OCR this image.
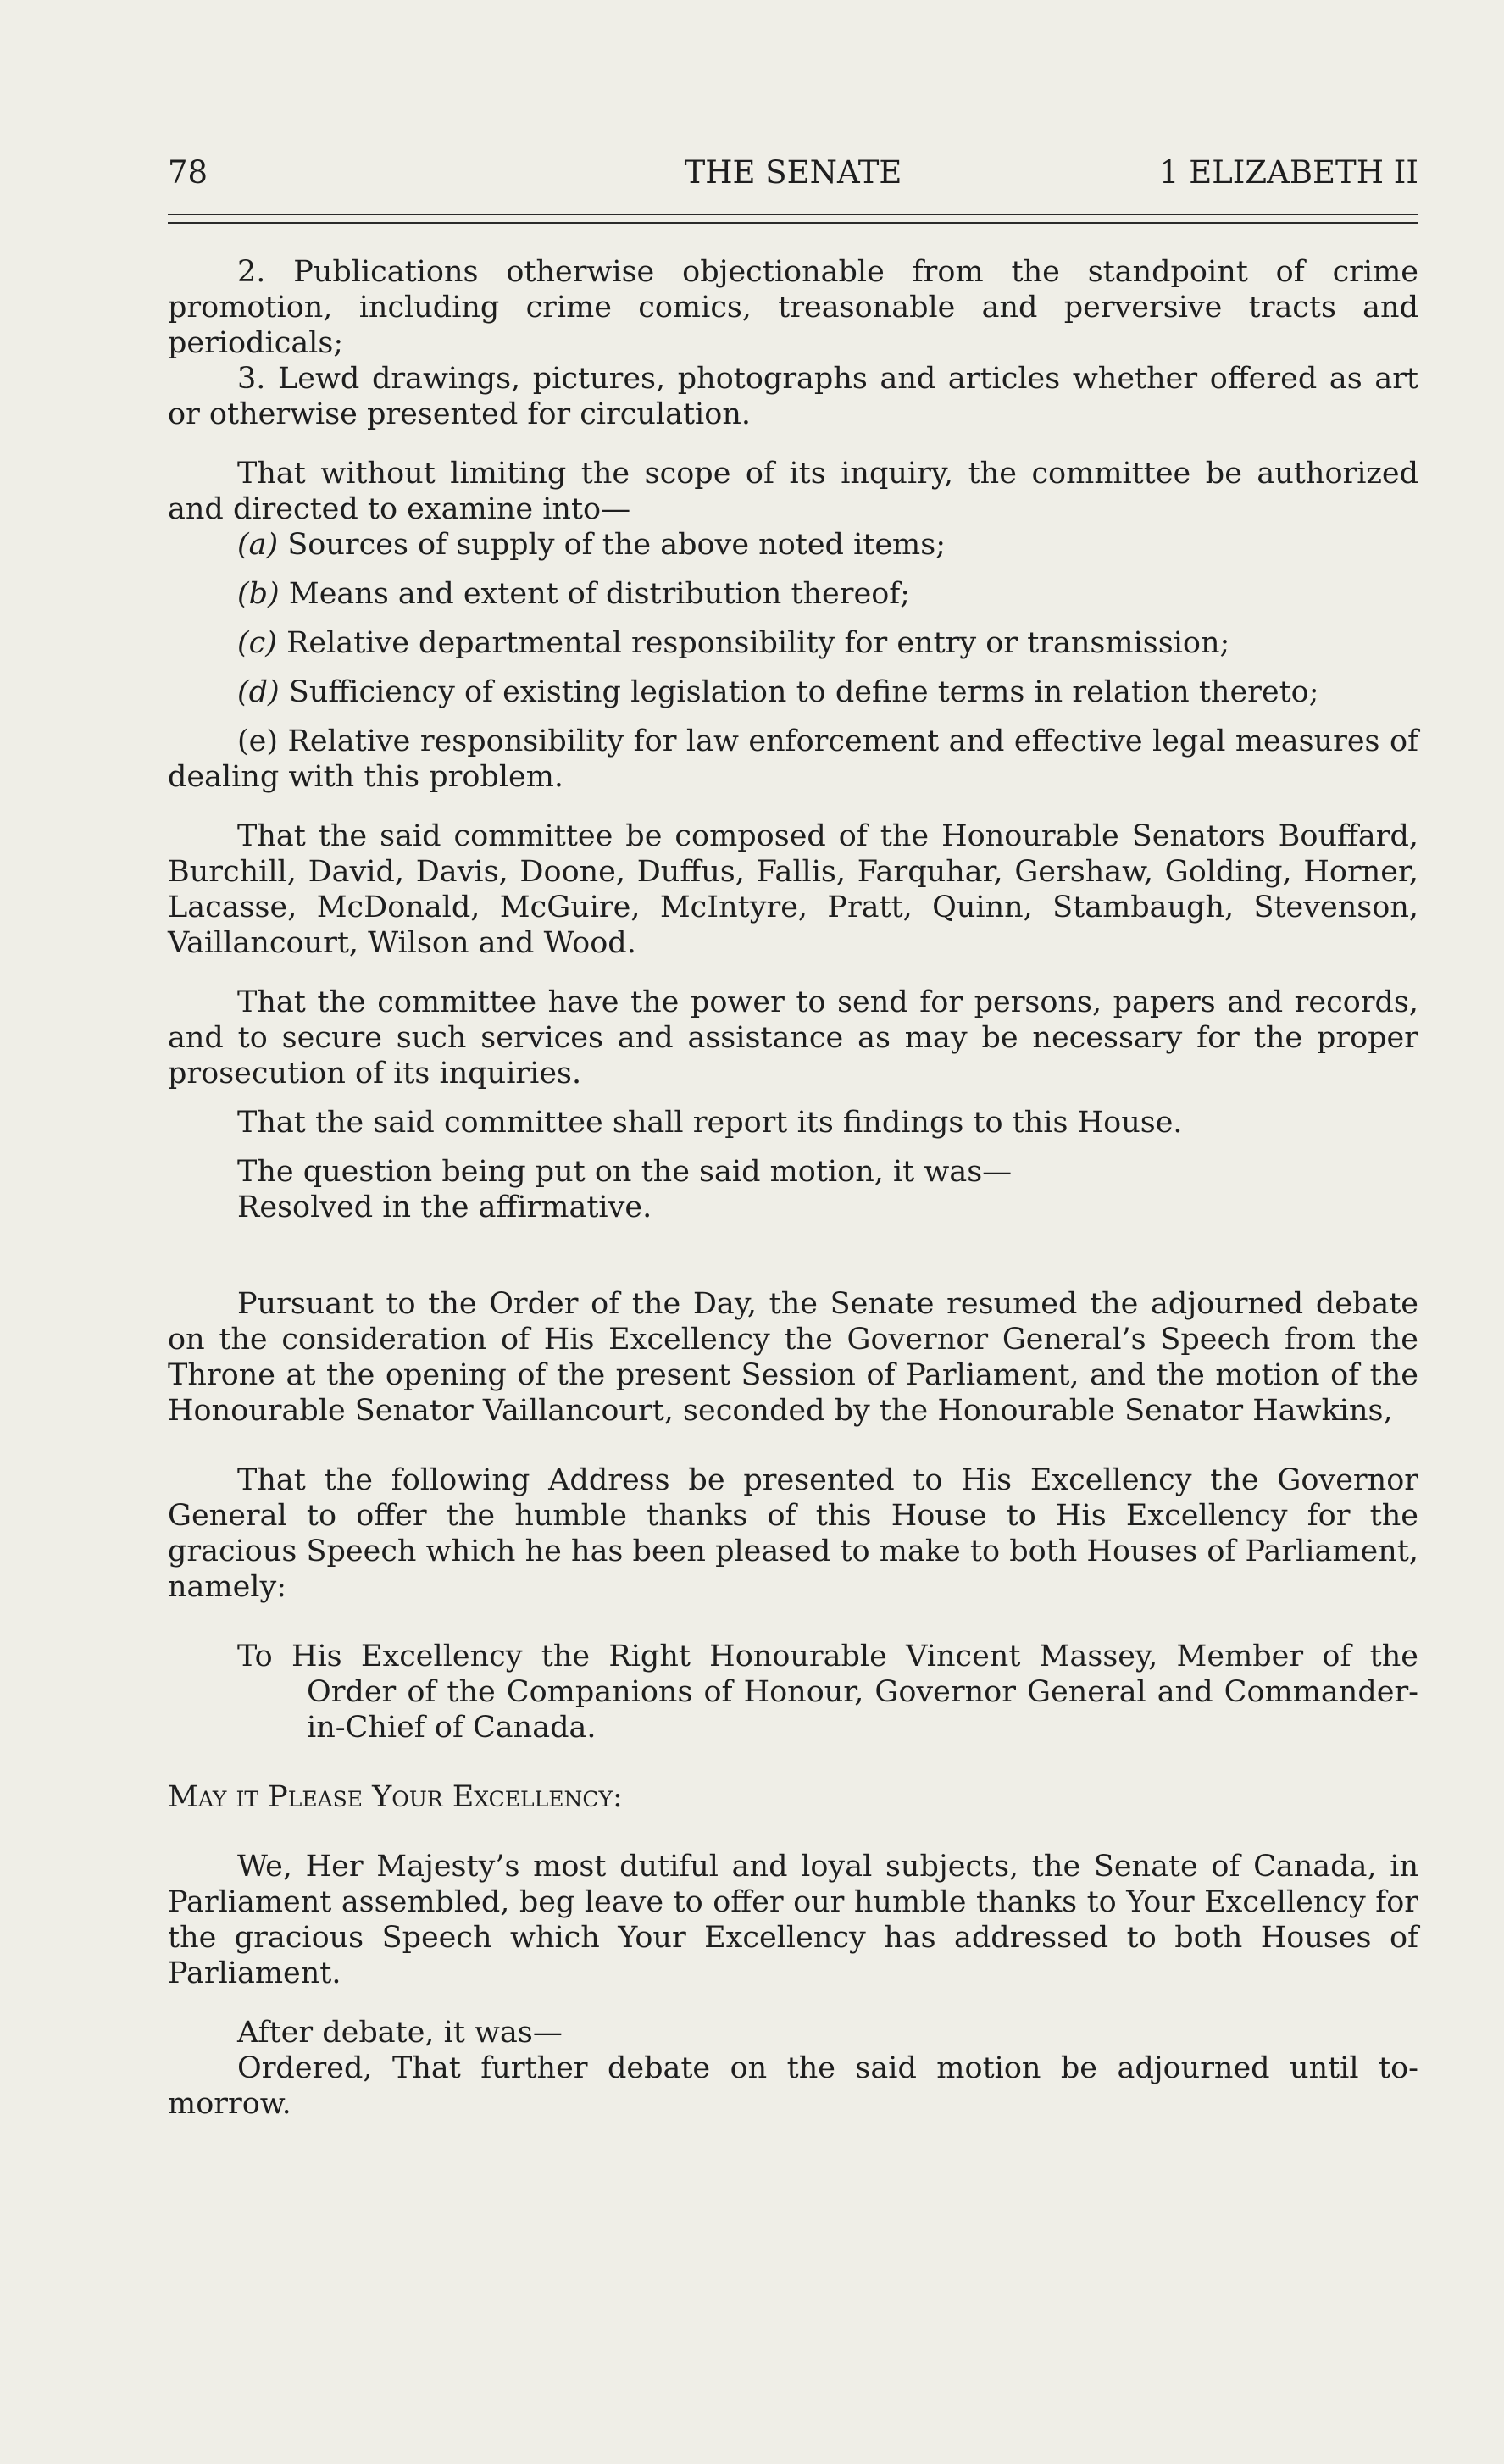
78	THE SENATE	1 ELIZABETH II

2. Publications otherwise objectionable from the standpoint of crime promotion, including crime comics, treasonable and perversive tracts and periodicals;

3. Lewd drawings, pictures, photographs and articles whether offered as art or otherwise presented for circulation.

That without limiting the scope of its inquiry, the committee be authorized and directed to examine into—

(a) Sources of supply of the above noted items;

(b) Means and extent of distribution thereof;

(c) Relative departmental responsibility for entry or transmission;

(d) Sufficiency of existing legislation to define terms in relation thereto;

(e) Relative responsibility for law enforcement and effective legal measures of dealing with this problem.

That the said committee be composed of the Honourable Senators Bouffard, Burchill, David, Davis, Doone, Duffus, Fallis, Farquhar, Gershaw, Golding, Horner, Lacasse, McDonald, McGuire, McIntyre, Pratt, Quinn, Stambaugh, Stevenson, Vaillancourt, Wilson and Wood.

That the committee have the power to send for persons, papers and records, and to secure such services and assistance as may be necessary for the proper prosecution of its inquiries.

That the said committee shall report its findings to this House.

The question being put on the said motion, it was—

Resolved in the affirmative.

Pursuant to the Order of the Day, the Senate resumed the adjourned debate on the consideration of His Excellency the Governor General’s Speech from the Throne at the opening of the present Session of Parliament, and the motion of the Honourable Senator Vaillancourt, seconded by the Honourable Senator Hawkins,

That the following Address be presented to His Excellency the Governor General to offer the humble thanks of this House to His Excellency for the gracious Speech which he has been pleased to make to both Houses of Parliament, namely:

To His Excellency the Right Honourable Vincent Massey, Member of the Order of the Companions of Honour, Governor General and Commander-in-Chief of Canada.

May it Please Your Excellency:

We, Her Majesty’s most dutiful and loyal subjects, the Senate of Canada, in Parliament assembled, beg leave to offer our humble thanks to Your Excellency for the gracious Speech which Your Excellency has addressed to both Houses of Parliament.

After debate, it was—

Ordered, That further debate on the said motion be adjourned until to-morrow.
